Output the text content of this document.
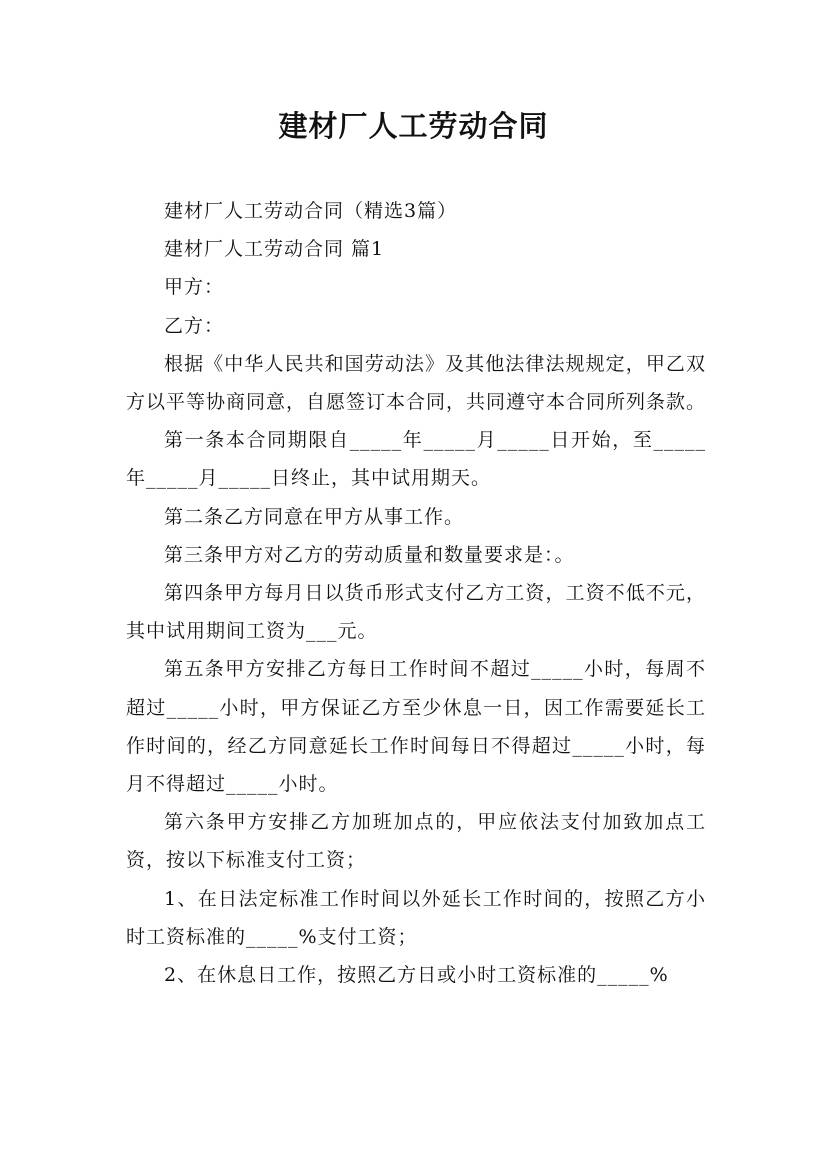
建材厂人工劳动合同

建材厂人工劳动合同（精选3篇）

建材厂人工劳动合同 篇1

甲方：

乙方：

根据《中华人民共和国劳动法》及其他法律法规规定，甲乙双方以平等协商同意，自愿签订本合同，共同遵守本合同所列条款。

第一条本合同期限自_____年_____月_____日开始，至_____年_____月_____日终止，其中试用期天。

第二条乙方同意在甲方从事工作。

第三条甲方对乙方的劳动质量和数量要求是：。

第四条甲方每月日以货币形式支付乙方工资，工资不低不元，其中试用期间工资为___元。

第五条甲方安排乙方每日工作时间不超过_____小时，每周不超过_____小时，甲方保证乙方至少休息一日，因工作需要延长工作时间的，经乙方同意延长工作时间每日不得超过_____小时，每月不得超过_____小时。

第六条甲方安排乙方加班加点的，甲应依法支付加致加点工资，按以下标准支付工资；

1、在日法定标准工作时间以外延长工作时间的，按照乙方小时工资标准的_____%支付工资；

2、在休息日工作，按照乙方日或小时工资标准的_____%
